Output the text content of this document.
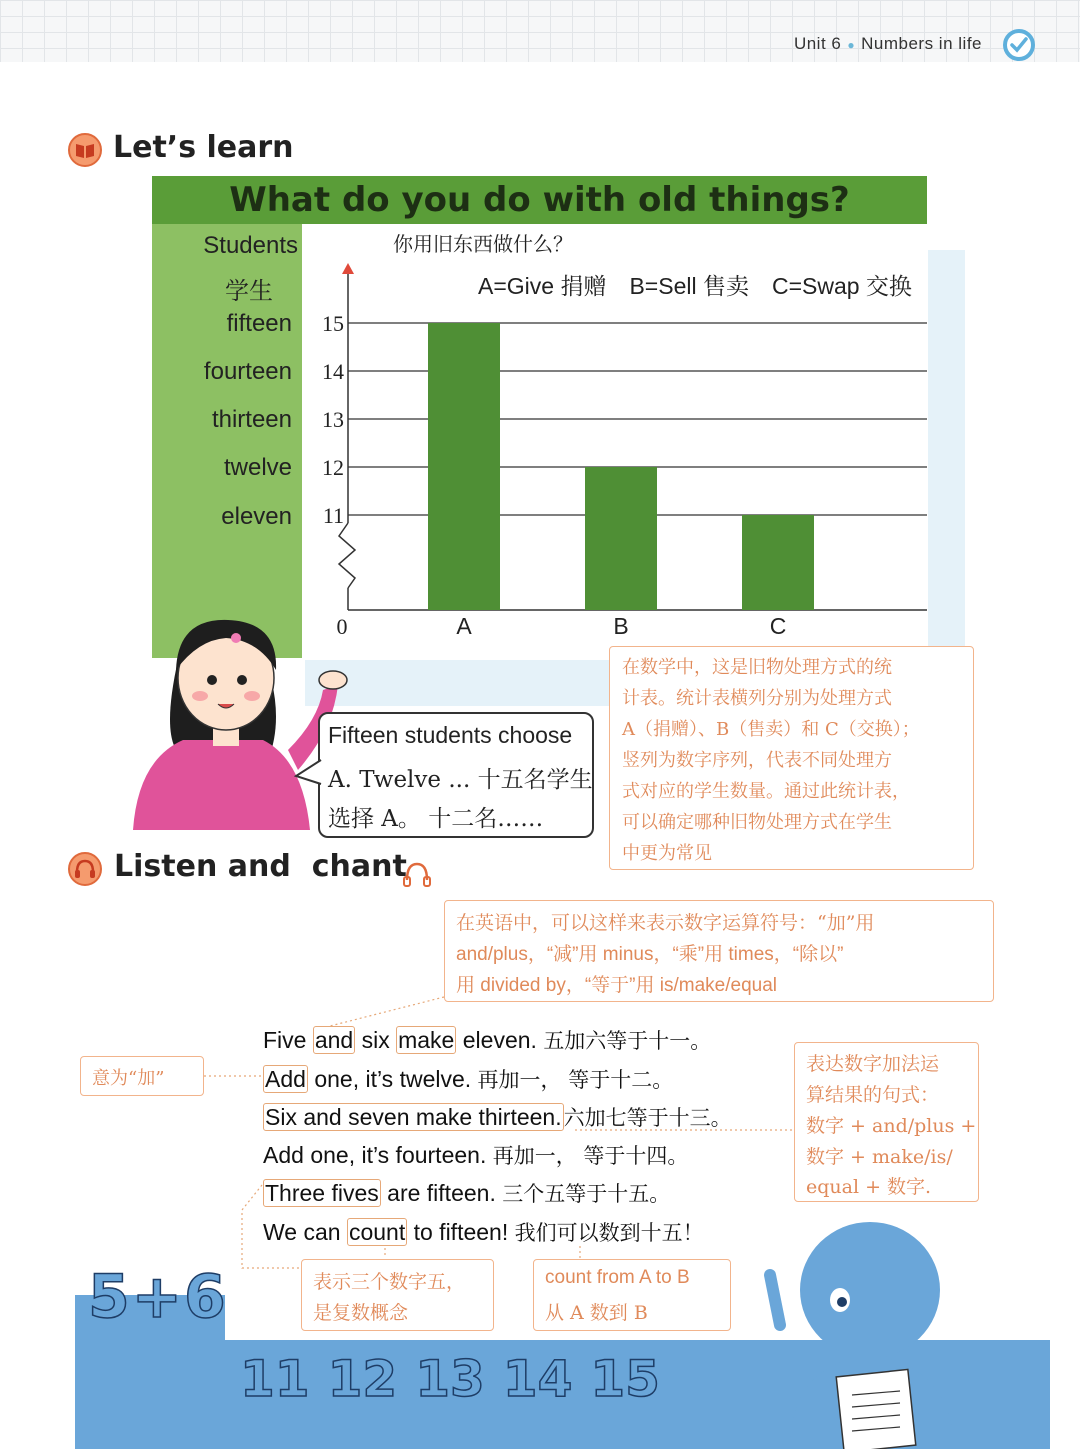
Unit 6 ● Numbers in life
Let’s learn
What do you do with old things?
Students
学生
fifteen
fourteen
thirteen
twelve
eleven
你用旧东西做什么？
A=Give 捐赠　B=Sell 售卖　C=Swap 交换
15
14
13
12
11
0	A	B	C
Fifteen students choose
A. Twelve ... 十五名学生
选择 A。 十二名……
在数学中，这是旧物处理方式的统
计表。统计表横列分别为处理方式
A（捐赠）、B（售卖）和 C（交换）；
竖列为数字序列，代表不同处理方
式对应的学生数量。通过此统计表，
可以确定哪种旧物处理方式在学生
中更为常见
Listen and  chant
在英语中，可以这样来表示数字运算符号：“加”用
and/plus，“减”用 minus，“乘”用 times，“除以”
用 divided by，“等于”用 is/make/equal
Five and six make eleven. 五加六等于十一。
Add one, it’s twelve. 再加一， 等于十二。
Six and seven make thirteen.六加七等于十三。
Add one, it’s fourteen. 再加一， 等于十四。
Three fives are fifteen. 三个五等于十五。
We can count to fifteen! 我们可以数到十五！
意为“加”
表达数字加法运
算结果的句式：
数字 + and/plus +
数字 + make/is/
equal + 数字.
表示三个数字五，
是复数概念
count from A to B
从 A 数到 B
5+6
11 12 13 14 15
